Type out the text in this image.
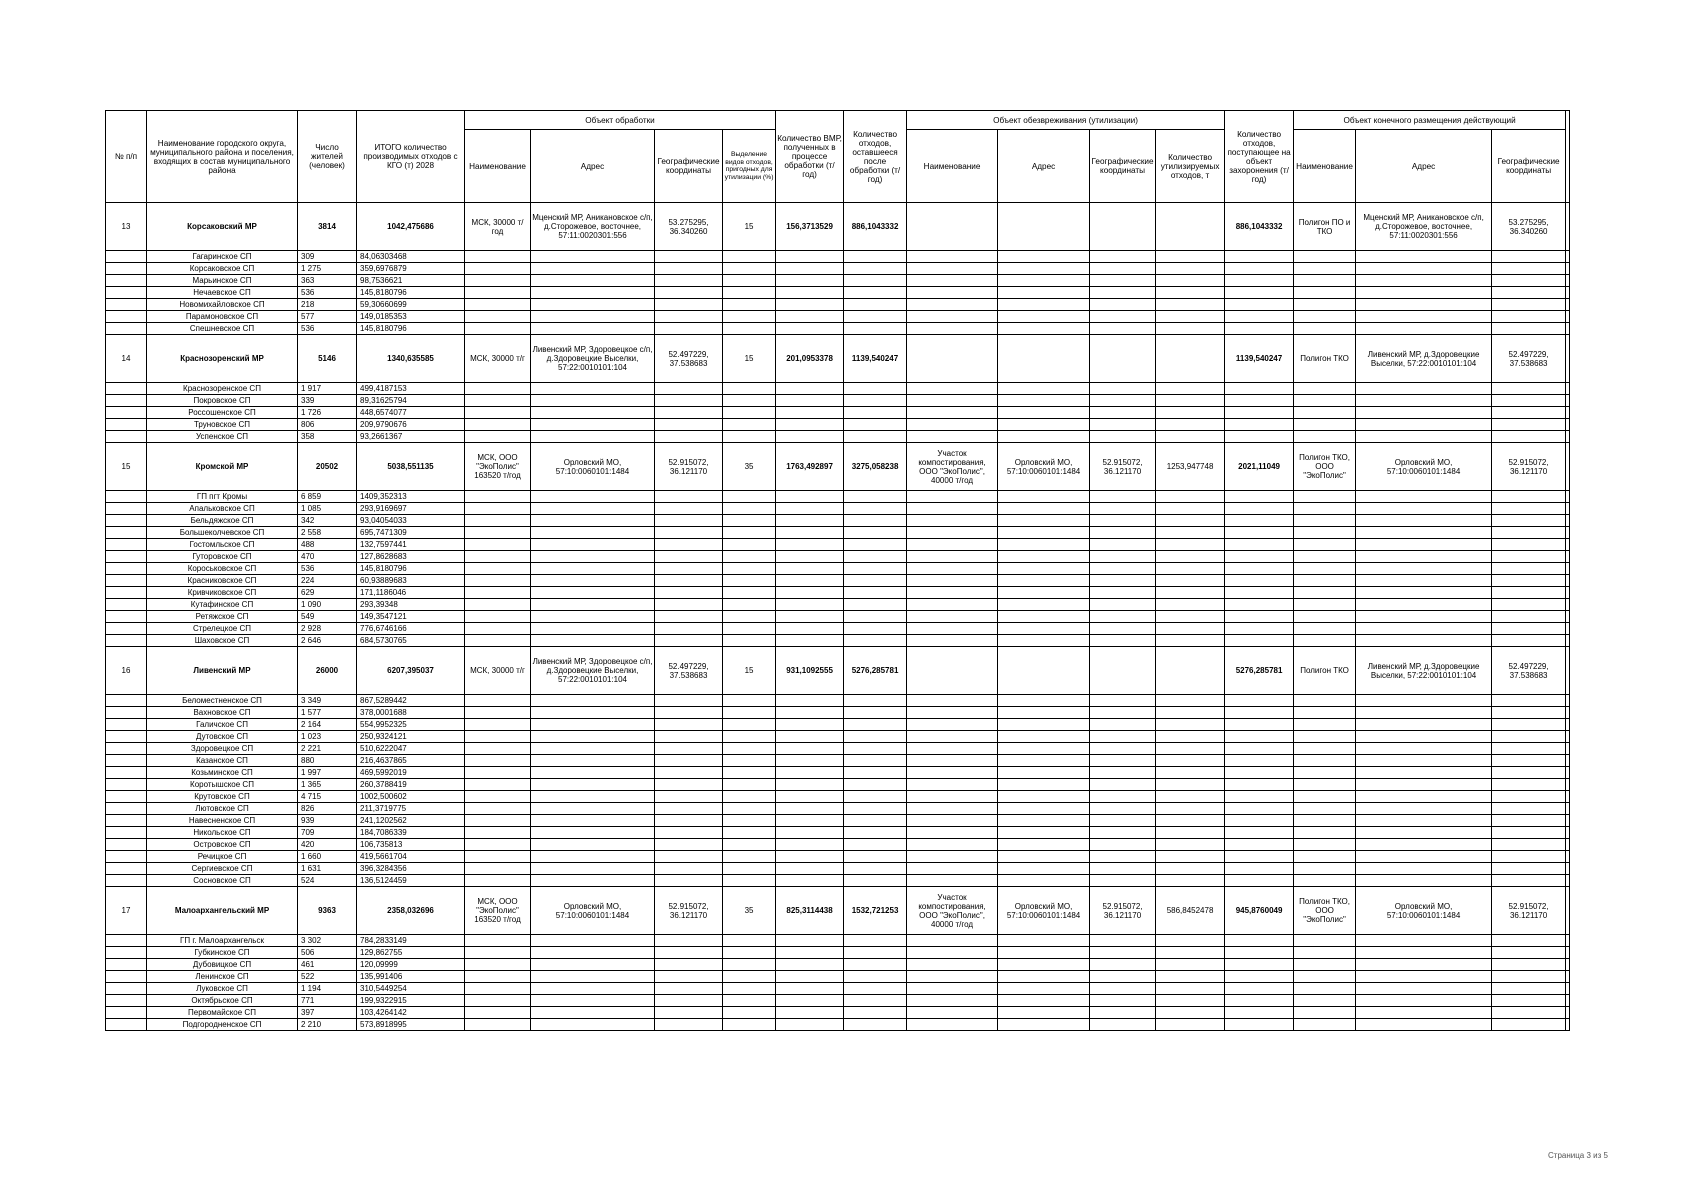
№ п/п	Наименование городского округа, муниципального района и поселения, входящих в состав муниципального района	Число жителей (человек)	ИТОГО количество производимых отходов с КГО (т) 2028	Объект обработки				Количество ВМР, полученных в процессе обработки (т/год)	Количество отходов, оставшееся после обработки (т/год)	Объект обезвреживания (утилизации)				Количество отходов, поступающее на объект захоронения (т/год)	Объект конечного размещения действующий			
				Наименование	Адрес	Географические координаты	Выделение видов отходов, пригодных для утилизации (%)			Наименование	Адрес	Географические координаты	Количество утилизируемых отходов, т		Наименование	Адрес	Географические координаты	
13	Корсаковский МР	3814	1042,475686	МСК, 30000 т/год	Мценский МР, Аникановское с/п, д.Сторожевое, восточнее, 57:11:0020301:556	53.275295, 36.340260	15	156,3713529	886,1043332					886,1043332	Полигон ПО и ТКО	Мценский МР, Аникановское с/п, д.Сторожевое, восточнее, 57:11:0020301:556	53.275295, 36.340260	
	Гагаринское СП	309	84,06303468															
	Корсаковское СП	1 275	359,6976879															
	Марьинское СП	363	98,7536621															
	Нечаевское СП	536	145,8180796															
	Новомихайловское СП	218	59,30660699															
	Парамоновское СП	577	149,0185353															
	Спешневское СП	536	145,8180796															
14	Краснозоренский МР	5146	1340,635585	МСК, 30000 т/г	Ливенский МР, Здоровецкое с/п, д.Здоровецкие Выселки, 57:22:0010101:104	52.497229, 37.538683	15	201,0953378	1139,540247					1139,540247	Полигон ТКО	Ливенский МР, д.Здоровецкие Выселки, 57:22:0010101:104	52.497229, 37.538683	
	Краснозоренское СП	1 917	499,4187153															
	Покровское СП	339	89,31625794															
	Россошенское СП	1 726	448,6574077															
	Труновское СП	806	209,9790676															
	Успенское СП	358	93,2661367															
15	Кромской МР	20502	5038,551135	МСК, ООО "ЭкоПолис" 163520 т/год	Орловский МО, 57:10:0060101:1484	52.915072, 36.121170	35	1763,492897	3275,058238	Участок компостирования, ООО "ЭкоПолис", 40000 т/год	Орловский МО, 57:10:0060101:1484	52.915072, 36.121170	1253,947748	2021,11049	Полигон ТКО, ООО "ЭкоПолис"	Орловский МО, 57:10:0060101:1484	52.915072, 36.121170	
	ГП пгт Кромы	6 859	1409,352313															
	Апальковское СП	1 085	293,9169697															
	Бельдяжское СП	342	93,04054033															
	Большеколчевское СП	2 558	695,7471309															
	Гостомльское СП	488	132,7597441															
	Гуторовское СП	470	127,8628683															
	Короськовское СП	536	145,8180796															
	Красниковское СП	224	60,93889683															
	Кривчиковское СП	629	171,1186046															
	Кутафинское СП	1 090	293,39348															
	Ретяжское СП	549	149,3547121															
	Стрелецкое СП	2 928	776,6746166															
	Шаховское СП	2 646	684,5730765															
16	Ливенский МР	26000	6207,395037	МСК, 30000 т/г	Ливенский МР, Здоровецкое с/п, д.Здоровецкие Выселки, 57:22:0010101:104	52.497229, 37.538683	15	931,1092555	5276,285781					5276,285781	Полигон ТКО	Ливенский МР, д.Здоровецкие Выселки, 57:22:0010101:104	52.497229, 37.538683	
	Беломестненское СП	3 349	867,5289442															
	Вахновское СП	1 577	378,0001688															
	Галичское СП	2 164	554,9952325															
	Дутовское СП	1 023	250,9324121															
	Здоровецкое СП	2 221	510,6222047															
	Казанское СП	880	216,4637865															
	Козьминское СП	1 997	469,5992019															
	Коротышское СП	1 365	260,3788419															
	Крутовское СП	4 715	1002,500602															
	Лютовское СП	826	211,3719775															
	Навесненское СП	939	241,1202562															
	Никольское СП	709	184,7086339															
	Островское СП	420	106,735813															
	Речицкое СП	1 660	419,5661704															
	Сергиевское СП	1 631	396,3284356															
	Сосновское СП	524	136,5124459															
17	Малоархангельский МР	9363	2358,032696	МСК, ООО "ЭкоПолис" 163520 т/год	Орловский МО, 57:10:0060101:1484	52.915072, 36.121170	35	825,3114438	1532,721253	Участок компостирования, ООО "ЭкоПолис", 40000 т/год	Орловский МО, 57:10:0060101:1484	52.915072, 36.121170	586,8452478	945,8760049	Полигон ТКО, ООО "ЭкоПолис"	Орловский МО, 57:10:0060101:1484	52.915072, 36.121170	
	ГП г. Малоархангельск	3 302	784,2833149															
	Губкинское СП	506	129,862755															
	Дубовицкое СП	461	120,09999															
	Ленинское СП	522	135,991406															
	Луковское СП	1 194	310,5449254															
	Октябрьское СП	771	199,9322915															
	Первомайское СП	397	103,4264142															
	Подгородненское СП	2 210	573,8918995															
Страница 3 из 5
